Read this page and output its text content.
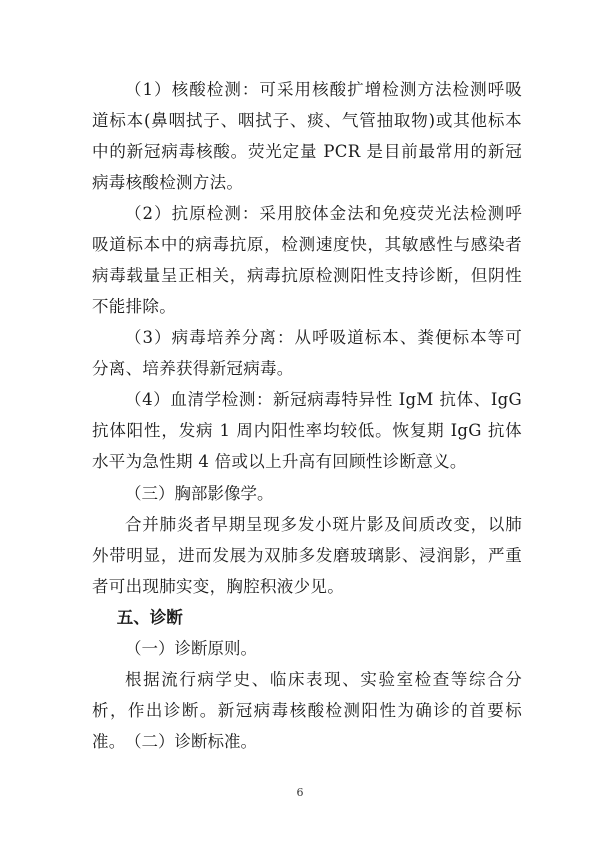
（1）核酸检测：可采用核酸扩增检测方法检测呼吸道标本(鼻咽拭子、咽拭子、痰、气管抽取物)或其他标本中的新冠病毒核酸。荧光定量 PCR 是目前最常用的新冠病毒核酸检测方法。

（2）抗原检测：采用胶体金法和免疫荧光法检测呼吸道标本中的病毒抗原，检测速度快，其敏感性与感染者病毒载量呈正相关，病毒抗原检测阳性支持诊断，但阴性不能排除。

（3）病毒培养分离：从呼吸道标本、粪便标本等可分离、培养获得新冠病毒。

（4）血清学检测：新冠病毒特异性 IgM 抗体、IgG 抗体阳性，发病 1 周内阳性率均较低。恢复期 IgG 抗体水平为急性期 4 倍或以上升高有回顾性诊断意义。

（三）胸部影像学。

合并肺炎者早期呈现多发小斑片影及间质改变，以肺外带明显，进而发展为双肺多发磨玻璃影、浸润影，严重者可出现肺实变，胸腔积液少见。

五、诊断

（一）诊断原则。

根据流行病学史、临床表现、实验室检查等综合分析，作出诊断。新冠病毒核酸检测阳性为确诊的首要标准。 （二）诊断标准。

6
